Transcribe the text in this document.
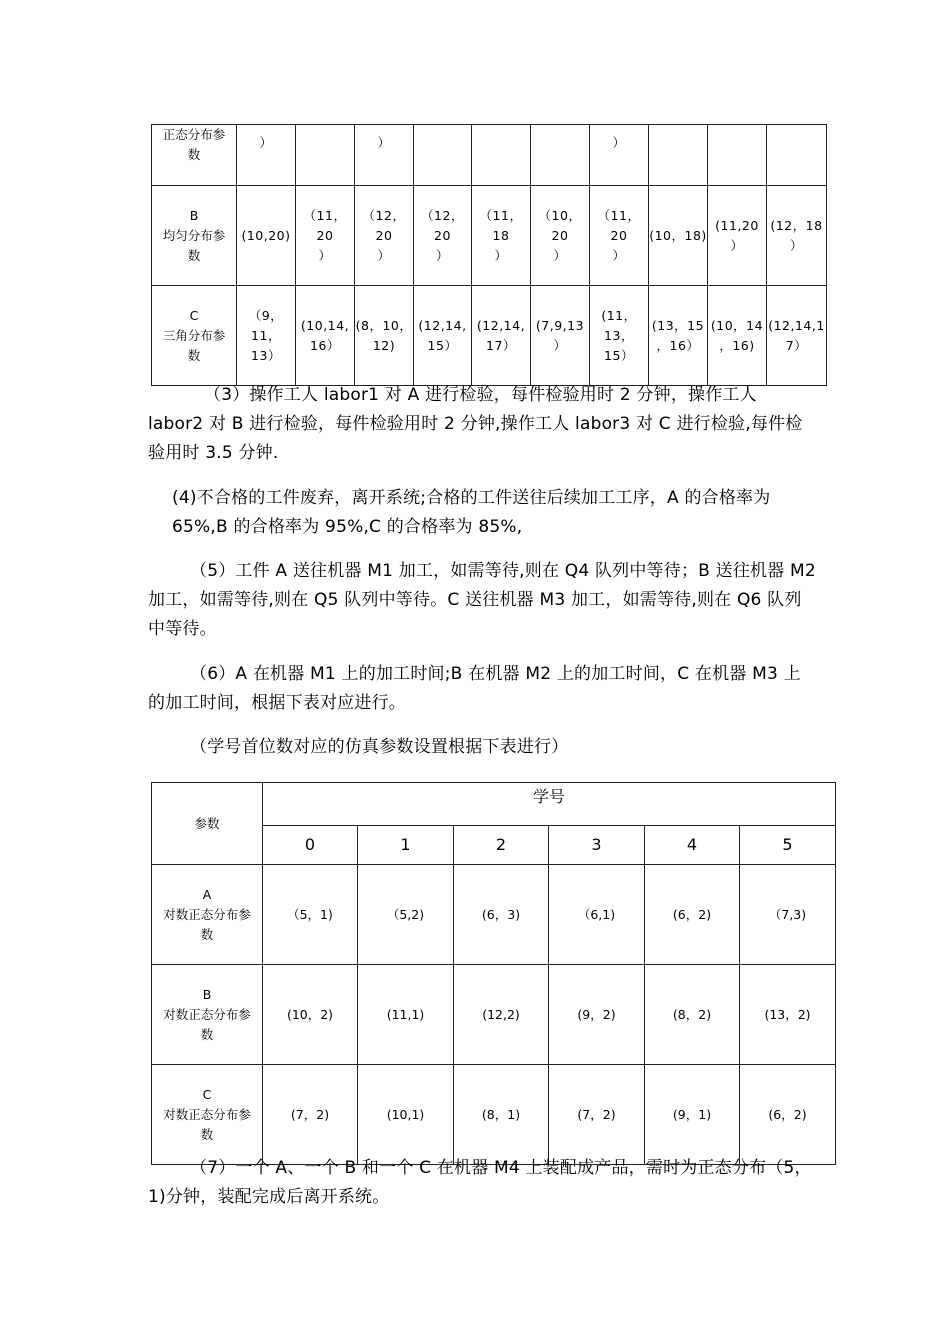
正态分布参
数	）		）				）			
B
均匀分布参
数	(10,20)	（11，20
）	（12，20
）	（12，20
）	（11，18
）	（10，20
）	（11，20
）	(10，18)	(11,20
）	(12，18
）
C
三角分布参
数	（9，11，
13）	(10,14,
16）	(8，10，
12)	(12,14,
15）	(12,14,
17）	(7,9,13
）	(11，13，
15）	(13，15
，16）	(10，14
，16)	(12,14,1
7）

（3）操作工人 labor1 对 A 进行检验，每件检验用时 2 分钟，操作工人 labor2 对 B 进行检验，每件检验用时 2 分钟,操作工人 labor3 对 C 进行检验,每件检验用时 3.5 分钟.

(4)不合格的工件废弃，离开系统;合格的工件送往后续加工工序，A 的合格率为 65%,B 的合格率为 95%,C 的合格率为 85%,

（5）工件 A 送往机器 M1 加工，如需等待,则在 Q4 队列中等待；B 送往机器 M2 加工，如需等待,则在 Q5 队列中等待。C 送往机器 M3 加工，如需等待,则在 Q6 队列中等待。

（6）A 在机器 M1 上的加工时间;B 在机器 M2 上的加工时间，C 在机器 M3 上的加工时间，根据下表对应进行。

（学号首位数对应的仿真参数设置根据下表进行）

参数	学号					
	0	1	2	3	4	5
A
对数正态分布参
数	（5，1)	（5,2)	(6，3)	（6,1)	(6，2)	（7,3)
B
对数正态分布参
数	(10，2)	(11,1)	(12,2)	(9，2)	(8，2)	(13，2)
C
对数正态分布参
数	(7，2)	(10,1)	(8，1)	(7，2)	(9，1)	(6，2)

（7）一个 A、一个 B 和一个 C 在机器 M4 上装配成产品，需时为正态分布（5，1)分钟，装配完成后离开系统。
